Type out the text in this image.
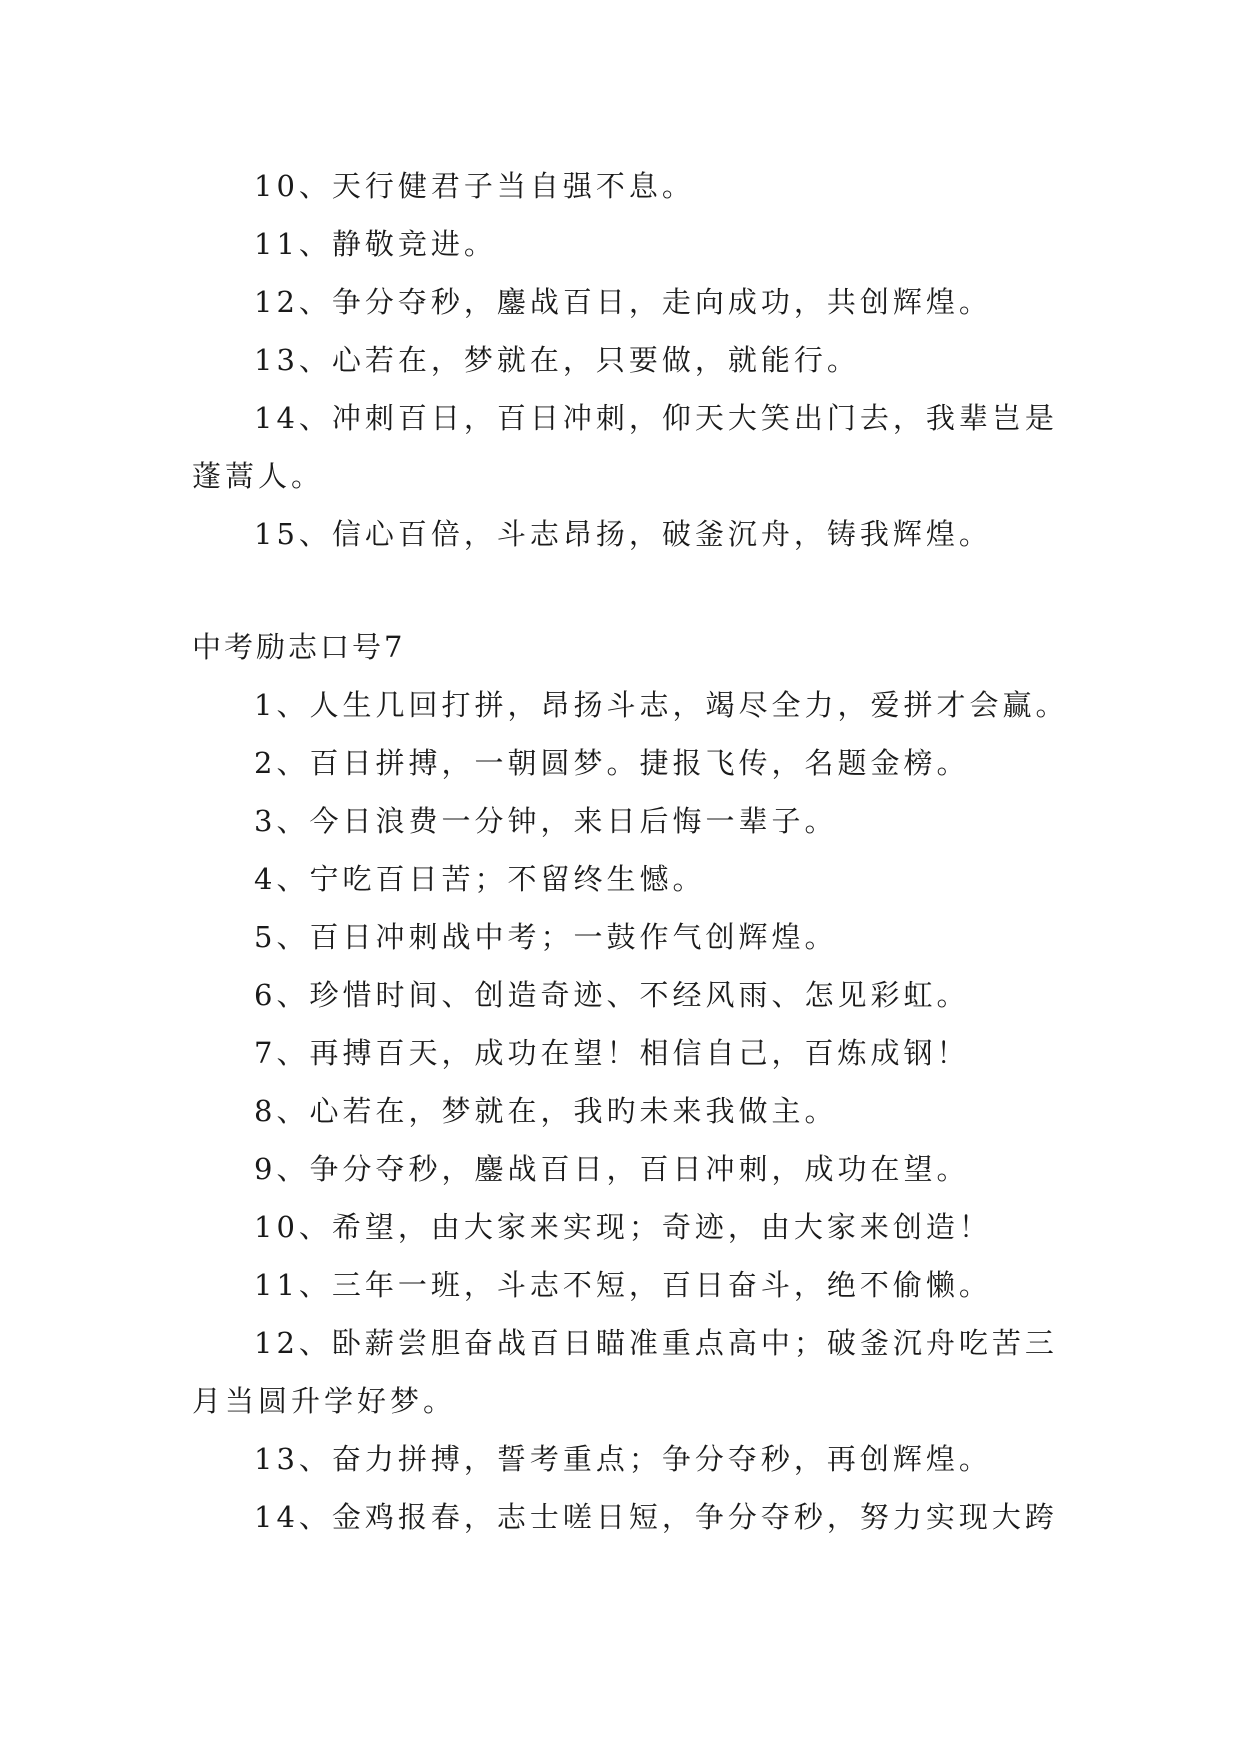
10、天行健君子当自强不息。
11、静敬竞进。
12、争分夺秒，鏖战百日，走向成功，共创辉煌。
13、心若在，梦就在，只要做，就能行。
14、冲刺百日，百日冲刺，仰天大笑出门去，我辈岂是
蓬蒿人。
15、信心百倍，斗志昂扬，破釜沉舟，铸我辉煌。
中考励志口号7
1、人生几回打拼，昂扬斗志，竭尽全力，爱拼才会赢。
2、百日拼搏，一朝圆梦。捷报飞传，名题金榜。
3、今日浪费一分钟，来日后悔一辈子。
4、宁吃百日苦；不留终生憾。
5、百日冲刺战中考；一鼓作气创辉煌。
6、珍惜时间、创造奇迹、不经风雨、怎见彩虹。
7、再搏百天，成功在望！相信自己，百炼成钢！
8、心若在，梦就在，我旳未来我做主。
9、争分夺秒，鏖战百日，百日冲刺，成功在望。
10、希望，由大家来实现；奇迹，由大家来创造！
11、三年一班，斗志不短，百日奋斗，绝不偷懒。
12、卧薪尝胆奋战百日瞄准重点高中；破釜沉舟吃苦三
月当圆升学好梦。
13、奋力拼搏，誓考重点；争分夺秒，再创辉煌。
14、金鸡报春，志士嗟日短，争分夺秒，努力实现大跨
